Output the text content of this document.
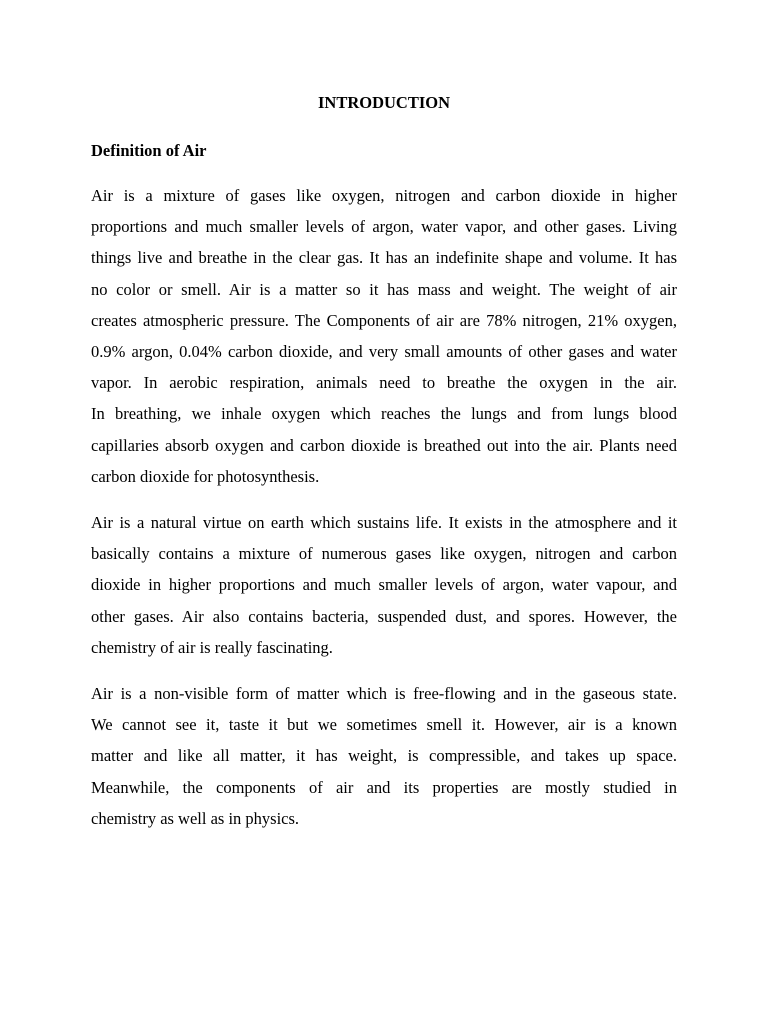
INTRODUCTION
Definition of Air

Air is a mixture of gases like oxygen, nitrogen and carbon dioxide in higher
proportions and much smaller levels of argon, water vapor, and other gases. Living
things live and breathe in the clear gas. It has an indefinite shape and volume. It has
no color or smell. Air is a matter so it has mass and weight. The weight of air
creates atmospheric pressure. The Components of air are 78% nitrogen, 21% oxygen,
0.9% argon, 0.04% carbon dioxide, and very small amounts of other gases and water
vapor. In aerobic respiration, animals need to breathe the oxygen in the air.
In breathing, we inhale oxygen which reaches the lungs and from lungs blood
capillaries absorb oxygen and carbon dioxide is breathed out into the air. Plants need
carbon dioxide for photosynthesis.

Air is a natural virtue on earth which sustains life. It exists in the atmosphere and it
basically contains a mixture of numerous gases like oxygen, nitrogen and carbon
dioxide in higher proportions and much smaller levels of argon, water vapour, and
other gases. Air also contains bacteria, suspended dust, and spores. However, the
chemistry of air is really fascinating.

Air is a non-visible form of matter which is free-flowing and in the gaseous state.
We cannot see it, taste it but we sometimes smell it. However, air is a known
matter and like all matter, it has weight, is compressible, and takes up space.
Meanwhile, the components of air and its properties are mostly studied in
chemistry as well as in physics.
